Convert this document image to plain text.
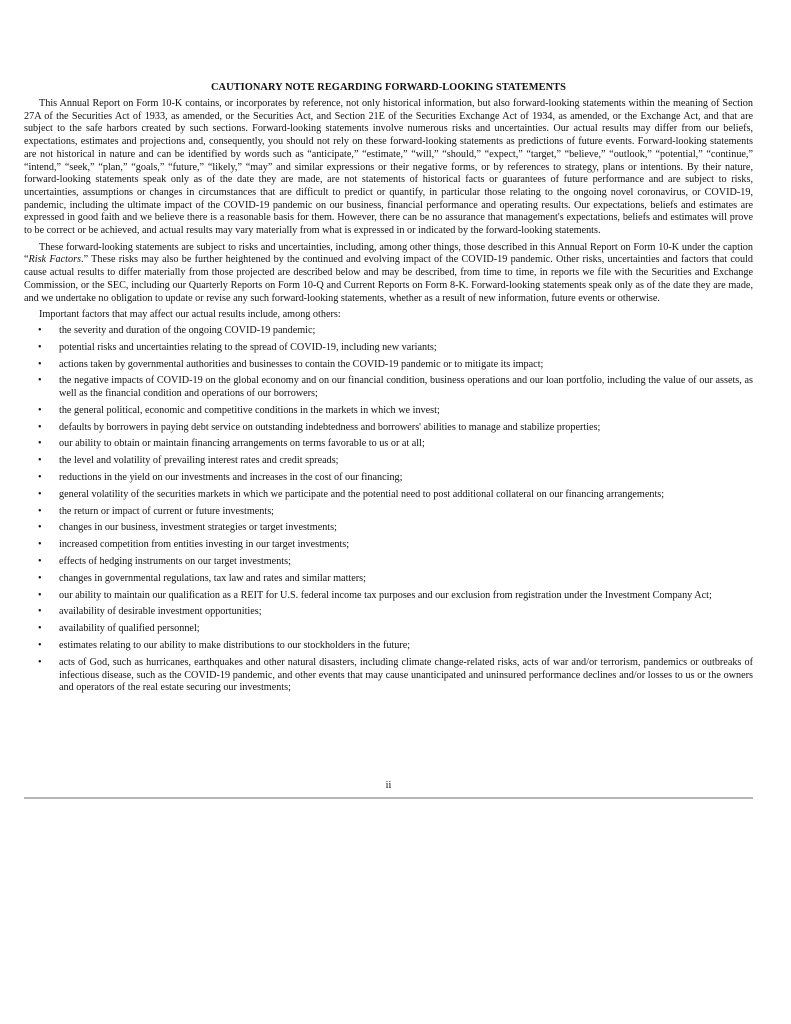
CAUTIONARY NOTE REGARDING FORWARD-LOOKING STATEMENTS

This Annual Report on Form 10-K contains, or incorporates by reference, not only historical information, but also forward-looking statements within the meaning of Section 27A of the Securities Act of 1933, as amended, or the Securities Act, and Section 21E of the Securities Exchange Act of 1934, as amended, or the Exchange Act, and that are subject to the safe harbors created by such sections. Forward-looking statements involve numerous risks and uncertainties. Our actual results may differ from our beliefs, expectations, estimates and projections and, consequently, you should not rely on these forward-looking statements as predictions of future events. Forward-looking statements are not historical in nature and can be identified by words such as “anticipate,” “estimate,” “will,” “should,” “expect,” “target,” “believe,” “outlook,” “potential,” “continue,” “intend,” “seek,” “plan,” “goals,” “future,” “likely,” “may” and similar expressions or their negative forms, or by references to strategy, plans or intentions. By their nature, forward-looking statements speak only as of the date they are made, are not statements of historical facts or guarantees of future performance and are subject to risks, uncertainties, assumptions or changes in circumstances that are difficult to predict or quantify, in particular those relating to the ongoing novel coronavirus, or COVID-19, pandemic, including the ultimate impact of the COVID-19 pandemic on our business, financial performance and operating results. Our expectations, beliefs and estimates are expressed in good faith and we believe there is a reasonable basis for them. However, there can be no assurance that management's expectations, beliefs and estimates will prove to be correct or be achieved, and actual results may vary materially from what is expressed in or indicated by the forward-looking statements.

These forward-looking statements are subject to risks and uncertainties, including, among other things, those described in this Annual Report on Form 10-K under the caption “Risk Factors.” These risks may also be further heightened by the continued and evolving impact of the COVID-19 pandemic. Other risks, uncertainties and factors that could cause actual results to differ materially from those projected are described below and may be described, from time to time, in reports we file with the Securities and Exchange Commission, or the SEC, including our Quarterly Reports on Form 10-Q and Current Reports on Form 8-K. Forward-looking statements speak only as of the date they are made, and we undertake no obligation to update or revise any such forward-looking statements, whether as a result of new information, future events or otherwise.

Important factors that may affect our actual results include, among others:

•	the severity and duration of the ongoing COVID-19 pandemic;
•	potential risks and uncertainties relating to the spread of COVID-19, including new variants;
•	actions taken by governmental authorities and businesses to contain the COVID-19 pandemic or to mitigate its impact;
•	the negative impacts of COVID-19 on the global economy and on our financial condition, business operations and our loan portfolio, including the value of our assets, as well as the financial condition and operations of our borrowers;
•	the general political, economic and competitive conditions in the markets in which we invest;
•	defaults by borrowers in paying debt service on outstanding indebtedness and borrowers' abilities to manage and stabilize properties;
•	our ability to obtain or maintain financing arrangements on terms favorable to us or at all;
•	the level and volatility of prevailing interest rates and credit spreads;
•	reductions in the yield on our investments and increases in the cost of our financing;
•	general volatility of the securities markets in which we participate and the potential need to post additional collateral on our financing arrangements;
•	the return or impact of current or future investments;
•	changes in our business, investment strategies or target investments;
•	increased competition from entities investing in our target investments;
•	effects of hedging instruments on our target investments;
•	changes in governmental regulations, tax law and rates and similar matters;
•	our ability to maintain our qualification as a REIT for U.S. federal income tax purposes and our exclusion from registration under the Investment Company Act;
•	availability of desirable investment opportunities;
•	availability of qualified personnel;
•	estimates relating to our ability to make distributions to our stockholders in the future;
•	acts of God, such as hurricanes, earthquakes and other natural disasters, including climate change-related risks, acts of war and/or terrorism, pandemics or outbreaks of infectious disease, such as the COVID-19 pandemic, and other events that may cause unanticipated and uninsured performance declines and/or losses to us or the owners and operators of the real estate securing our investments;
ii
